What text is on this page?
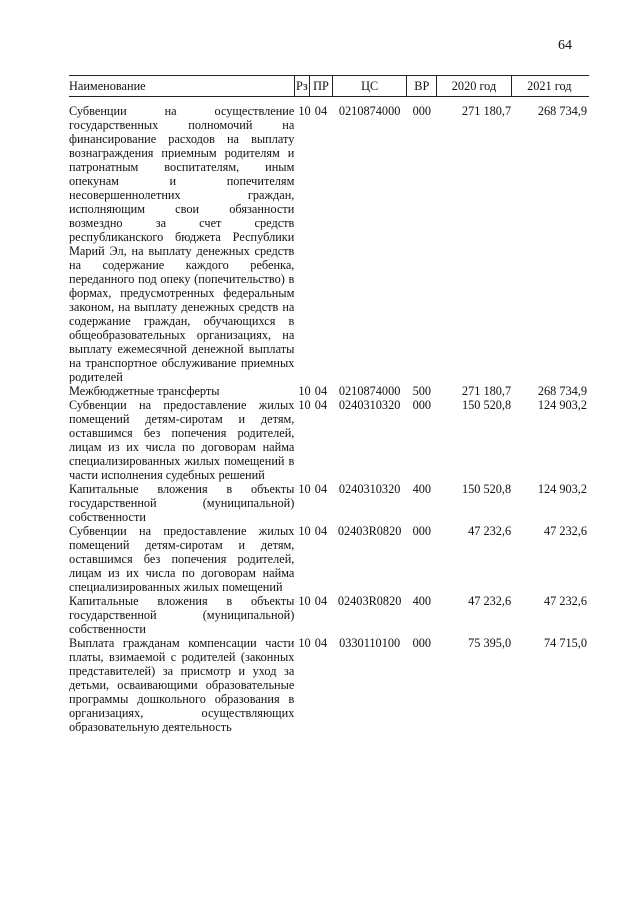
64
Наименование	Рз	ПР	ЦС	ВР	2020 год	2021 год
Субвенции на осуществление государственных полномочий на финансирование расходов на выплату вознаграждения приемным родителям и патронатным воспитателям, иным опекунам и попечителям несовершеннолетних граждан, исполняющим свои обязанности возмездно за счет средств республиканского бюджета Республики Марий Эл, на выплату денежных средств на содержание каждого ребенка, переданного под опеку (попечительство) в формах, предусмотренных федеральным законом, на выплату денежных средств на содержание граждан, обучающихся в общеобразовательных организациях, на выплату ежемесячной денежной выплаты на транспортное обслуживание приемных родителей	10	04	0210874000	000	271 180,7	268 734,9
Межбюджетные трансферты	10	04	0210874000	500	271 180,7	268 734,9
Субвенции на предоставление жилых помещений детям-сиротам и детям, оставшимся без попечения родителей, лицам из их числа по договорам найма специализированных жилых помещений в части исполнения судебных решений	10	04	0240310320	000	150 520,8	124 903,2
Капитальные вложения в объекты государственной (муниципальной) собственности	10	04	0240310320	400	150 520,8	124 903,2
Субвенции на предоставление жилых помещений детям-сиротам и детям, оставшимся без попечения родителей, лицам из их числа по договорам найма специализированных жилых помещений	10	04	02403R0820	000	47 232,6	47 232,6
Капитальные вложения в объекты государственной (муниципальной) собственности	10	04	02403R0820	400	47 232,6	47 232,6
Выплата гражданам компенсации части платы, взимаемой с родителей (законных представителей) за присмотр и уход за детьми, осваивающими образовательные программы дошкольного образования в организациях, осуществляющих образовательную деятельность	10	04	0330110100	000	75 395,0	74 715,0
